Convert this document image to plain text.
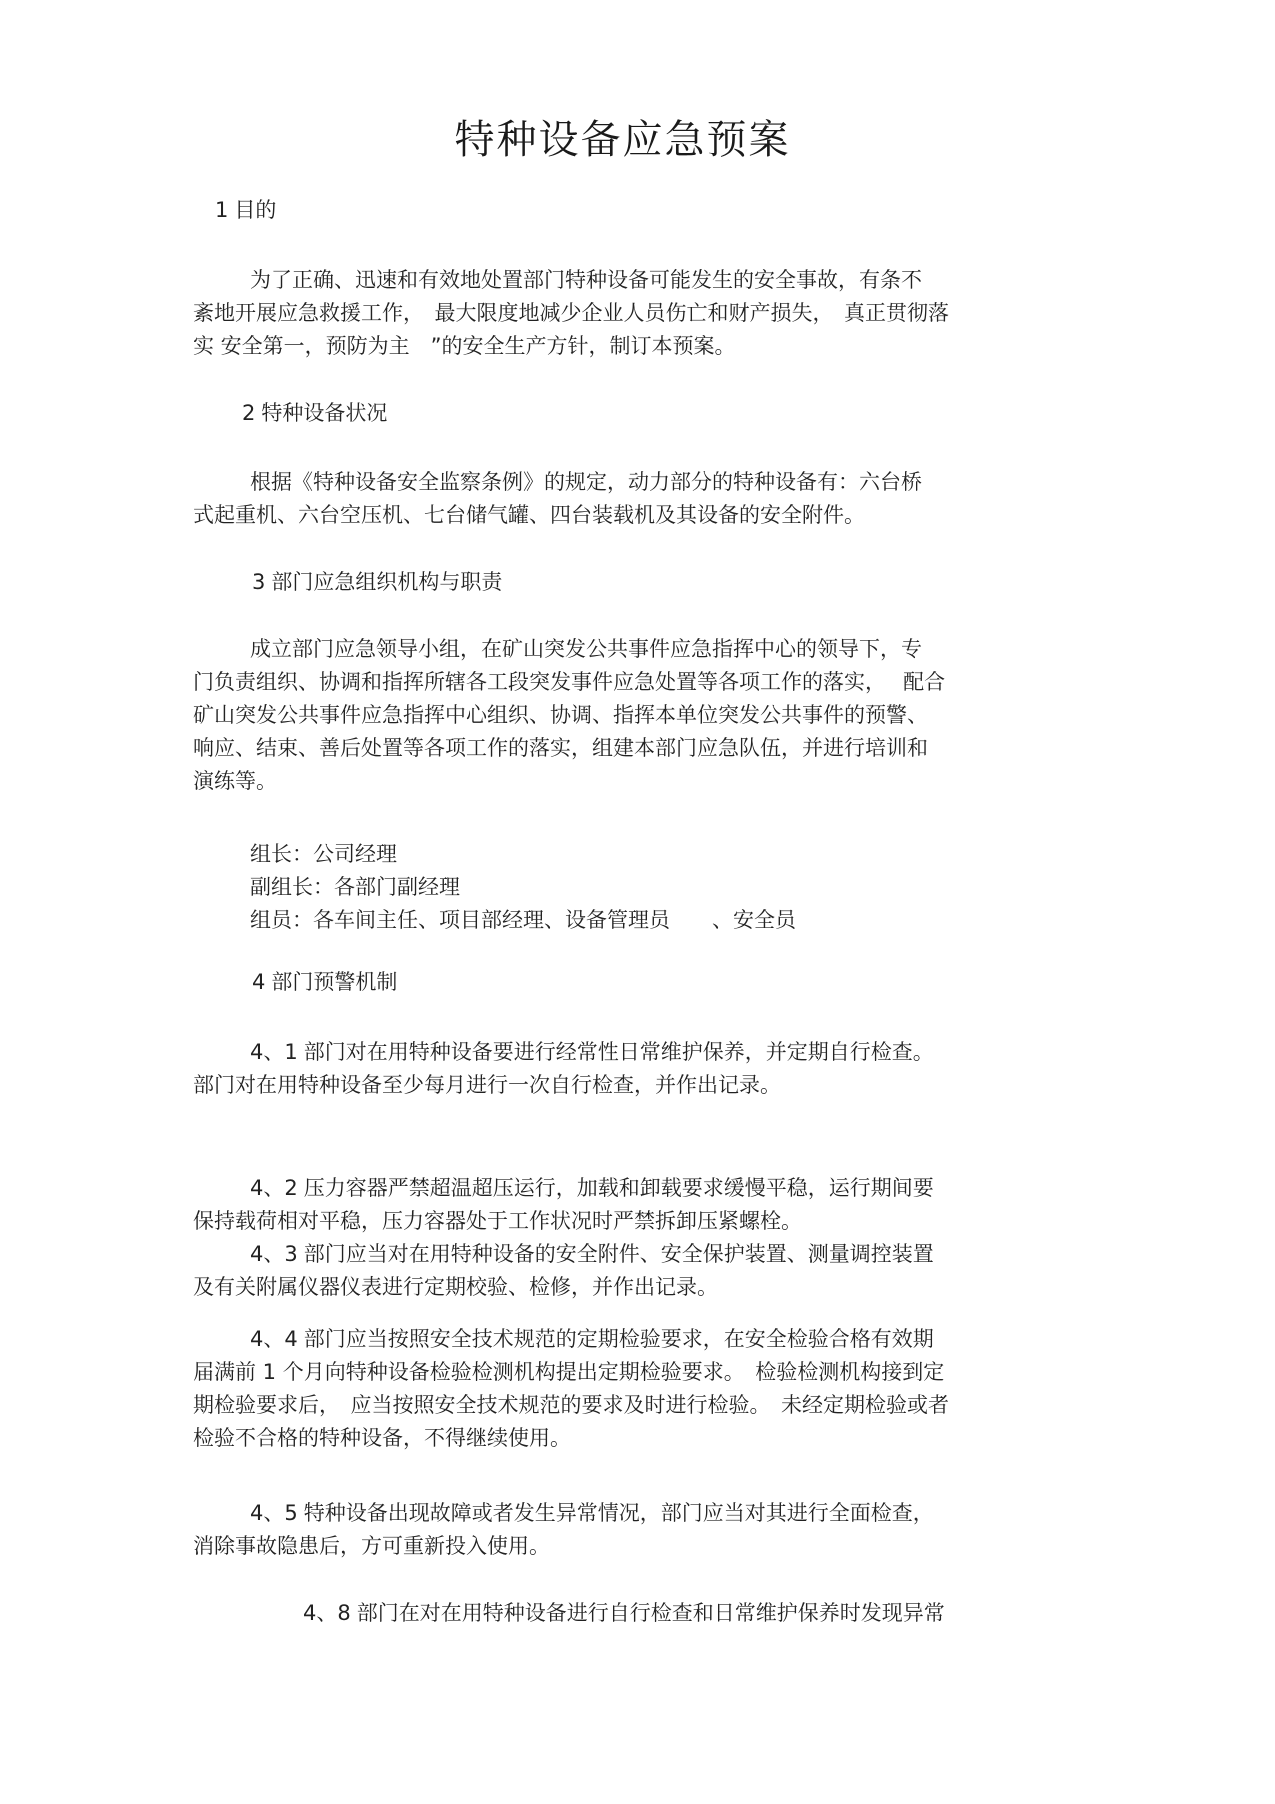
特种设备应急预案
1 目的
为了正确、迅速和有效地处置部门特种设备可能发生的安全事故，有条不
紊地开展应急救援工作，　最大限度地减少企业人员伤亡和财产损失，　真正贯彻落
实 安全第一，预防为主　”的安全生产方针，制订本预案。
2 特种设备状况
根据《特种设备安全监察条例》的规定，动力部分的特种设备有：六台桥
式起重机、六台空压机、七台储气罐、四台装载机及其设备的安全附件。
3 部门应急组织机构与职责
成立部门应急领导小组，在矿山突发公共事件应急指挥中心的领导下，专
门负责组织、协调和指挥所辖各工段突发事件应急处置等各项工作的落实，　 配合
矿山突发公共事件应急指挥中心组织、协调、指挥本单位突发公共事件的预警、
响应、结束、善后处置等各项工作的落实，组建本部门应急队伍，并进行培训和
演练等。
组长：公司经理
副组长：各部门副经理
组员：各车间主任、项目部经理、设备管理员　　、安全员
4 部门预警机制
4、1 部门对在用特种设备要进行经常性日常维护保养，并定期自行检查。
部门对在用特种设备至少每月进行一次自行检查，并作出记录。
4、2 压力容器严禁超温超压运行，加载和卸载要求缓慢平稳，运行期间要
保持载荷相对平稳，压力容器处于工作状况时严禁拆卸压紧螺栓。
4、3 部门应当对在用特种设备的安全附件、安全保护装置、测量调控装置
及有关附属仪器仪表进行定期校验、检修，并作出记录。
4、4 部门应当按照安全技术规范的定期检验要求，在安全检验合格有效期
届满前 1 个月向特种设备检验检测机构提出定期检验要求。　检验检测机构接到定
期检验要求后，　应当按照安全技术规范的要求及时进行检验。　未经定期检验或者
检验不合格的特种设备，不得继续使用。
4、5 特种设备出现故障或者发生异常情况，部门应当对其进行全面检查，
消除事故隐患后，方可重新投入使用。
4、8 部门在对在用特种设备进行自行检查和日常维护保养时发现异常
